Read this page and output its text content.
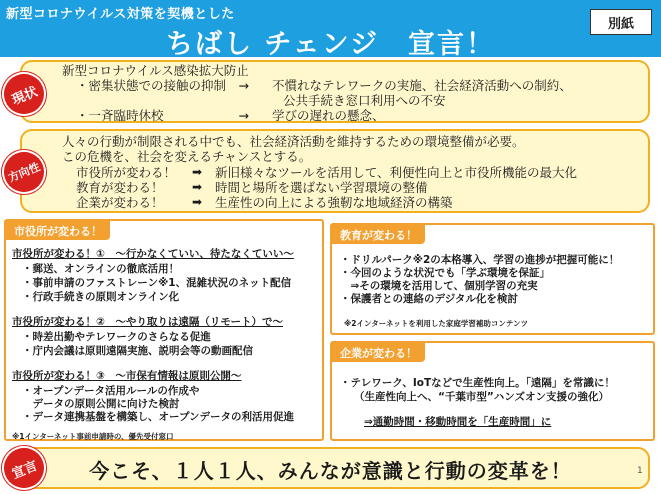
新型コロナウイルス対策を契機とした
ちばし チェンジ　宣言！
別紙
現状
新型コロナウイルス感染拡大防止
・密集状態での接触の抑制　→ 不慣れなテレワークの実施、社会経済活動への制約、
公共手続き窓口利用への不安
・一斉臨時休校　　　　　　→ 学びの遅れの懸念、
方向性
人々の行動が制限される中でも、社会経済活動を維持するための環境整備が必要。
この危機を、社会を変えるチャンスとする。
市役所が変わる！ ➡ 新旧様々なツールを活用して、利便性向上と市役所機能の最大化
教育が変わる！ ➡ 時間と場所を選ばない学習環境の整備
企業が変わる！ ➡ 生産性の向上による強靭な地域経済の構築
市役所が変わる！
市役所が変わる！①　～行かなくていい、待たなくていい～
・郵送、オンラインの徹底活用！
・事前申請のファストレーン※1、混雑状況のネット配信
・行政手続きの原則オンライン化
市役所が変わる！②　～やり取りは遠隔（リモート）で～
・時差出勤やテレワークのさらなる促進
・庁内会議は原則遠隔実施、説明会等の動画配信
市役所が変わる！③　～市保有情報は原則公開～
・オープンデータ活用ルールの作成や
　データの原則公開に向けた検討
・データ連携基盤を構築し、オープンデータの利活用促進
※1インターネット事前申請時の、優先受付窓口
教育が変わる！
・ドリルパーク※2の本格導入、学習の進捗が把握可能に！
・今回のような状況でも「学ぶ環境を保証」
　⇒その環境を活用して、個別学習の充実
・保護者との連絡のデジタル化を検討
※2インターネットを利用した家庭学習補助コンテンツ
企業が変わる！
・テレワーク、IoTなどで生産性向上。「遠隔」を常識に！
（生産性向上へ、“千葉市型”ハンズオン支援の強化）
⇒通勤時間・移動時間を「生産時間」に
宣言	今こそ、１人１人、みんなが意識と行動の変革を！	1
